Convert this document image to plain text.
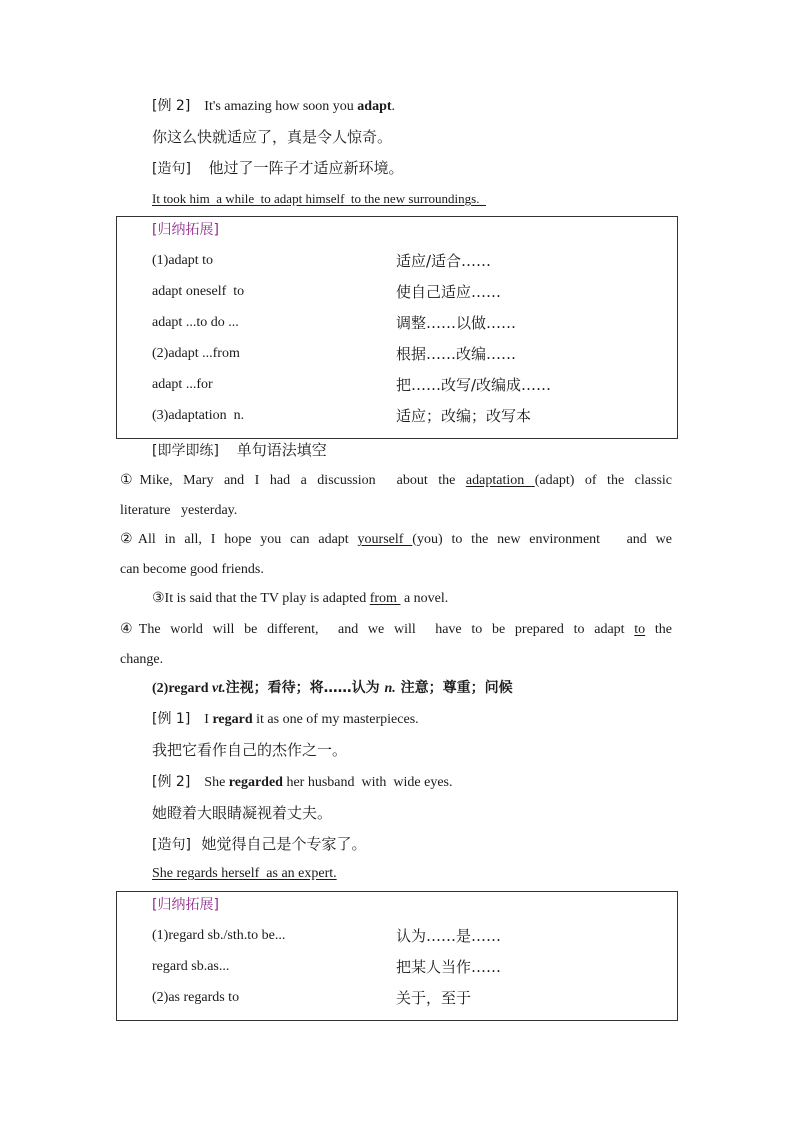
[例 2] It's amazing how soon you adapt.
你这么快就适应了，真是令人惊奇。
[造句] 他过了一阵子才适应新环境。
It took him  a while  to adapt himself  to the new surroundings.
[归纳拓展]
(1)adapt to	适应/适合……
adapt oneself  to	使自己适应……
adapt ...to do ...	调整……以做……
(2)adapt ...from	根据……改编……
adapt ...for	把……改写/改编成……
(3)adaptation  n.	适应；改编；改写本
[即学即练] 单句语法填空
①Mike, Mary and I had a discussion  about the adaptation (adapt) of the classic
literature   yesterday.
②All in all, I hope you can adapt yourself (you) to the new environment   and we
can become good friends.
③It is said that the TV play is adapted from  a novel.
④The world will be different,  and we will  have to be prepared to adapt to the
change.
(2)regard vt.注视；看待；将……认为 n. 注意；尊重；问候
[例 1] I regard it as one of my masterpieces.
我把它看作自己的杰作之一。
[例 2] She regarded her husband  with  wide eyes.
她瞪着大眼睛凝视着丈夫。
[造句] 她觉得自己是个专家了。
She regards herself  as an expert.
[归纳拓展]
(1)regard sb./sth.to be...	认为……是……
regard sb.as...	把某人当作……
(2)as regards to	关于，至于
